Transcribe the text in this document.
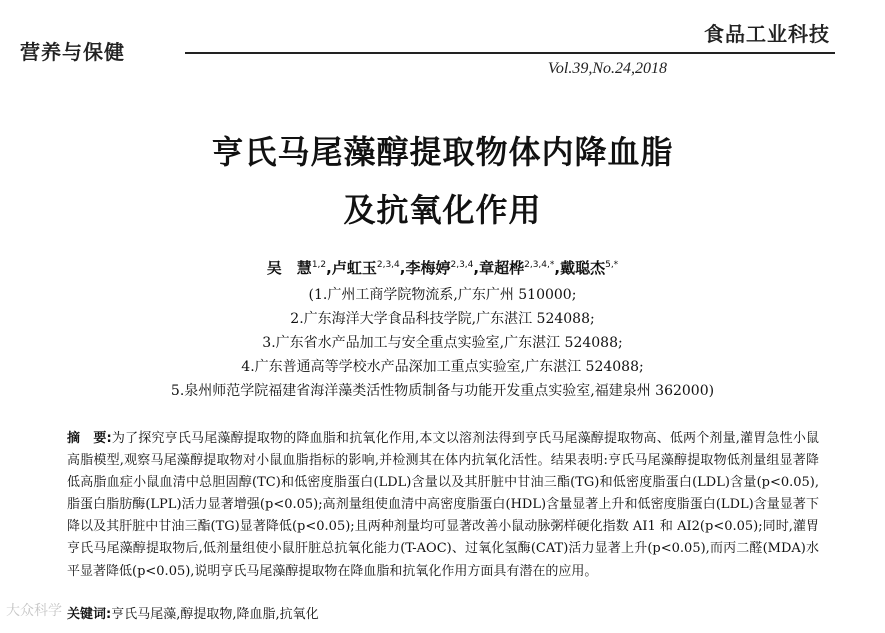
营养与保健
食品工业科技
Vol.39,No.24,2018
亨氏马尾藻醇提取物体内降血脂
及抗氧化作用
吴　慧$^{1,2}$,卢虹玉$^{2,3,4}$,李梅婷$^{2,3,4}$,章超桦$^{2,3,4,*}$,戴聪杰$^{5,*}$
(1.广州工商学院物流系,广东广州 510000;
2.广东海洋大学食品科技学院,广东湛江 524088;
3.广东省水产品加工与安全重点实验室,广东湛江 524088;
4.广东普通高等学校水产品深加工重点实验室,广东湛江 524088;
5.泉州师范学院福建省海洋藻类活性物质制备与功能开发重点实验室,福建泉州 362000)
摘　要:为了探究亨氏马尾藻醇提取物的降血脂和抗氧化作用,本文以溶剂法得到亨氏马尾藻醇提取物高、低两个剂量,灌胃急性小鼠高脂模型,观察马尾藻醇提取物对小鼠血脂指标的影响,并检测其在体内抗氧化活性。结果表明:亨氏马尾藻醇提取物低剂量组显著降低高脂血症小鼠血清中总胆固醇(TC)和低密度脂蛋白(LDL)含量以及其肝脏中甘油三酯(TG)和低密度脂蛋白(LDL)含量(p<0.05),脂蛋白脂肪酶(LPL)活力显著增强(p<0.05);高剂量组使血清中高密度脂蛋白(HDL)含量显著上升和低密度脂蛋白(LDL)含量显著下降以及其肝脏中甘油三酯(TG)显著降低(p<0.05);且两种剂量均可显著改善小鼠动脉粥样硬化指数 AI1 和 AI2(p<0.05);同时,灌胃亨氏马尾藻醇提取物后,低剂量组使小鼠肝脏总抗氧化能力(T-AOC)、过氧化氢酶(CAT)活力显著上升(p<0.05),而丙二醛(MDA)水平显著降低(p<0.05),说明亨氏马尾藻醇提取物在降血脂和抗氧化作用方面具有潜在的应用。
关键词:亨氏马尾藻,醇提取物,降血脂,抗氧化
大众科学
